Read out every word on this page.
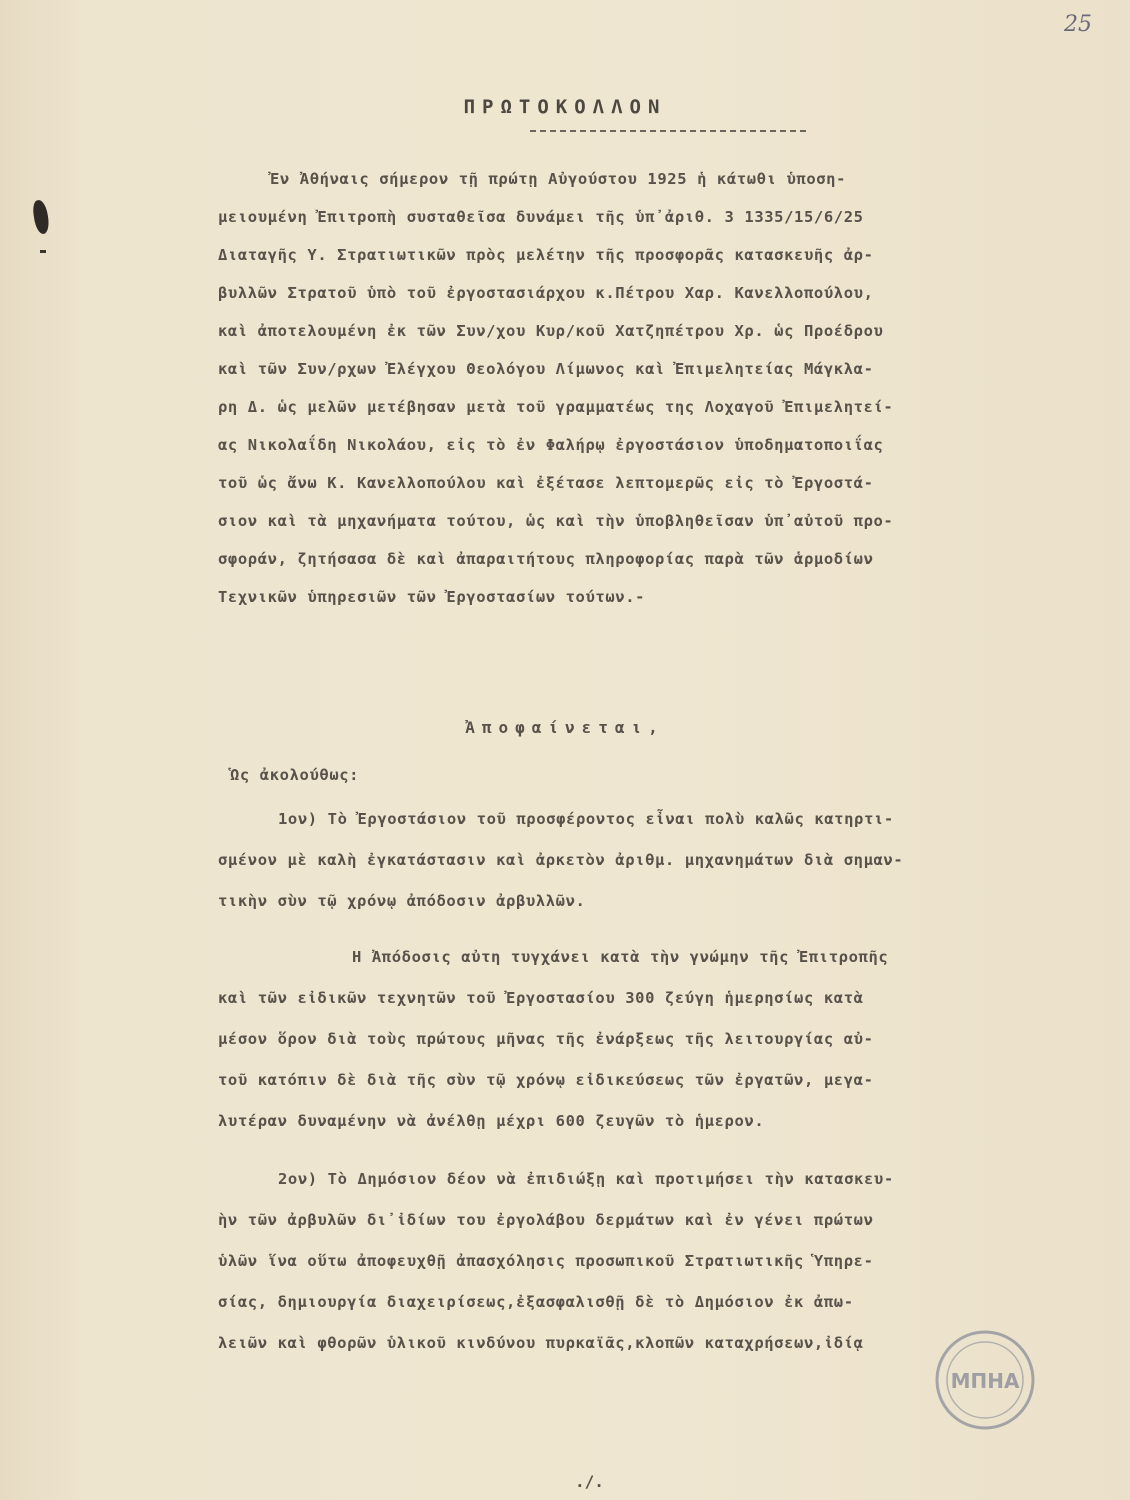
25
ΠΡΩΤΟΚΟΛΛΟΝ
Ἐν Ἀθήναις σήμερον τῇ πρώτῃ Αὐγούστου 1925 ἡ κάτωθι ὑποση-
μειουμένη Ἐπιτροπὴ συσταθεῖσα δυνάμει τῆς ὑπ᾽ἀριθ. 3 1335/15/6/25
Διαταγῆς Υ. Στρατιωτικῶν πρὸς μελέτην τῆς προσφορᾶς κατασκευῆς ἀρ-
βυλλῶν Στρατοῦ ὑπὸ τοῦ ἐργοστασιάρχου κ.Πέτρου Χαρ. Κανελλοπούλου,
καὶ ἀποτελουμένη ἐκ τῶν Συν/χου Κυρ/κοῦ Χατζηπέτρου Χρ. ὡς Προέδρου
καὶ τῶν Συν/ρχων Ἐλέγχου Θεολόγου Λίμωνος καὶ Ἐπιμελητείας Μάγκλα-
ρη Δ. ὡς μελῶν μετέβησαν μετὰ τοῦ γραμματέως της Λοχαγοῦ Ἐπιμελητεί-
ας Νικολαΐδη Νικολάου, εἰς τὸ ἐν Φαλήρῳ ἐργοστάσιον ὑποδηματοποιΐας
τοῦ ὡς ἄνω Κ. Κανελλοπούλου καὶ ἐξέτασε λεπτομερῶς εἰς τὸ Ἐργοστά-
σιον καὶ τὰ μηχανήματα τούτου, ὡς καὶ τὴν ὑποβληθεῖσαν ὑπ᾽αὐτοῦ προ-
σφοράν, ζητήσασα δὲ καὶ ἀπαραιτήτους πληροφορίας παρὰ τῶν ἁρμοδίων
Τεχνικῶν ὑπηρεσιῶν τῶν Ἐργοστασίων τούτων.-
Ἀποφαίνεται,
Ὡς ἀκολούθως:
1ον) Τὸ Ἐργοστάσιον τοῦ προσφέροντος εἶναι πολὺ καλῶς κατηρτι-
σμένον μὲ καλὴ ἐγκατάστασιν καὶ ἀρκετὸν ἀριθμ. μηχανημάτων διὰ σημαν-
τικὴν σὺν τῷ χρόνῳ ἀπόδοσιν ἀρβυλλῶν.
Η Ἀπόδοσις αὐτη τυγχάνει κατὰ τὴν γνώμην τῆς Ἐπιτροπῆς
καὶ τῶν εἰδικῶν τεχνητῶν τοῦ Ἐργοστασίου 300 ζεύγη ἡμερησίως κατὰ
μέσον ὅρον διὰ τοὺς πρώτους μῆνας τῆς ἐνάρξεως τῆς λειτουργίας αὐ-
τοῦ κατόπιν δὲ διὰ τῆς σὺν τῷ χρόνῳ εἰδικεύσεως τῶν ἐργατῶν, μεγα-
λυτέραν δυναμένην νὰ ἀνέλθῃ μέχρι 600 ζευγῶν τὸ ἡμερον.
2ον) Τὸ Δημόσιον δέον νὰ ἐπιδιώξῃ καὶ προτιμήσει τὴν κατασκευ-
ὴν τῶν ἀρβυλῶν δι᾽ἰδίων του ἐργολάβου δερμάτων καὶ ἐν γένει πρώτων
ὑλῶν ἵνα οὕτω ἀποφευχθῇ ἀπασχόλησις προσωπικοῦ Στρατιωτικῆς Ὑπηρε-
σίας, δημιουργία διαχειρίσεως,ἐξασφαλισθῇ δὲ τὸ Δημόσιον ἐκ ἀπω-
λειῶν καὶ φθορῶν ὑλικοῦ κινδύνου πυρκαϊᾶς,κλοπῶν καταχρήσεων,ἰδίᾳ
ΜΠΗΑ
./.
